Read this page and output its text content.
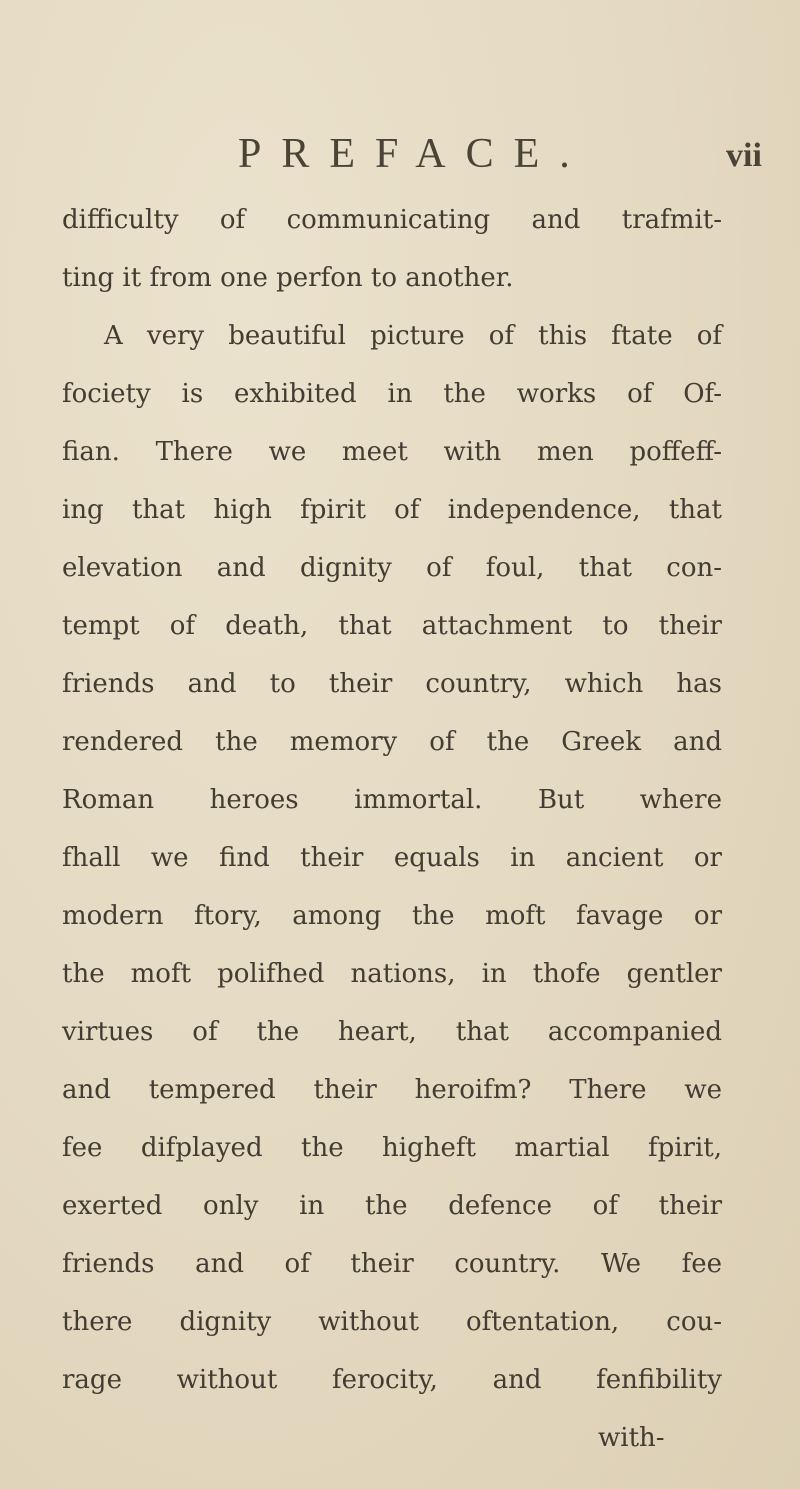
PREFACE.	vii
difficulty of communicating and trafmit-
ting it from one perfon to another.
A very beautiful picture of this ftate of
fociety is exhibited in the works of Of-
fian. There we meet with men poffeff-
ing that high fpirit of independence, that
elevation and dignity of foul, that con-
tempt of death, that attachment to their
friends and to their country, which has
rendered the memory of the Greek and
Roman heroes immortal. But where
fhall we find their equals in ancient or
modern ftory, among the moft favage or
the moft polifhed nations, in thofe gentler
virtues of the heart, that accompanied
and tempered their heroifm? There we
fee difplayed the higheft martial fpirit,
exerted only in the defence of their
friends and of their country. We fee
there dignity without oftentation, cou-
rage without ferocity, and fenfibility
with-
